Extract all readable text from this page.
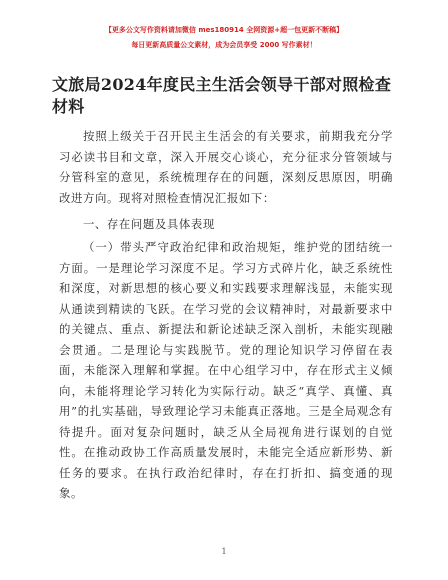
【更多公文写作资料请加微信 mes180914 全网资源+超一包更新不断稿】
每日更新高质量公文素材，成为会员享受 2000 写作素材！
文旅局2024年度民主生活会领导干部对照检查材料

按照上级关于召开民主生活会的有关要求，前期我充分学习必读书目和文章，深入开展交心谈心，充分征求分管领域与分管科室的意见，系统梳理存在的问题，深刻反思原因，明确改进方向。现将对照检查情况汇报如下：

一、存在问题及具体表现

（一）带头严守政治纪律和政治规矩，维护党的团结统一方面。一是理论学习深度不足。学习方式碎片化，缺乏系统性和深度，对新思想的核心要义和实践要求理解浅显，未能实现从通读到精读的飞跃。在学习党的会议精神时，对最新要求中的关键点、重点、新提法和新论述缺乏深入剖析，未能实现融会贯通。二是理论与实践脱节。党的理论知识学习停留在表面，未能深入理解和掌握。在中心组学习中，存在形式主义倾向，未能将理论学习转化为实际行动。缺乏“真学、真懂、真用”的扎实基础，导致理论学习未能真正落地。三是全局观念有待提升。面对复杂问题时，缺乏从全局视角进行谋划的自觉性。在推动政协工作高质量发展时，未能完全适应新形势、新任务的要求。在执行政治纪律时，存在打折扣、搞变通的现象。

1
